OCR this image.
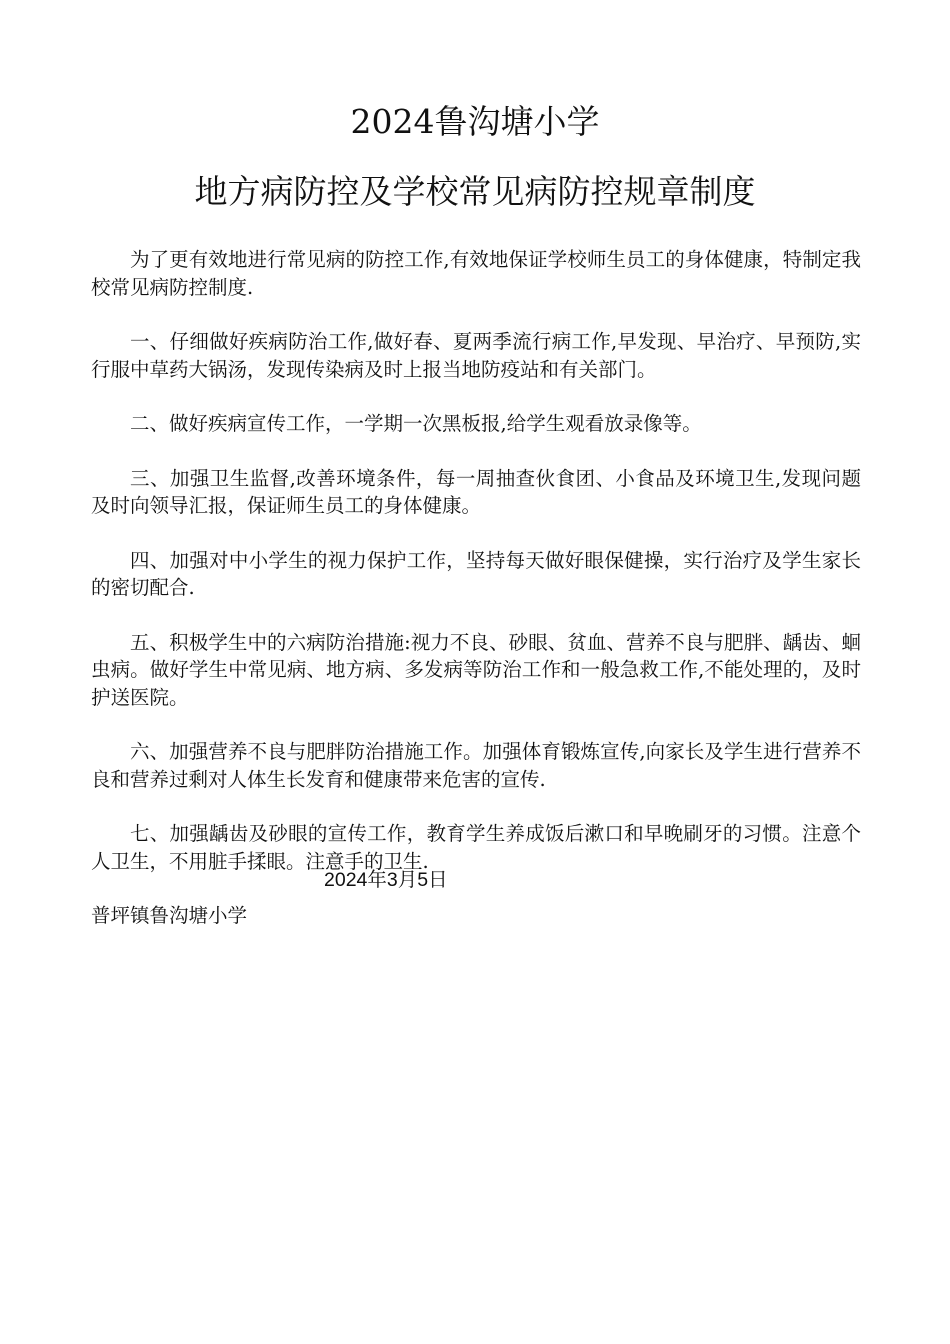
2024鲁沟塘小学
地方病防控及学校常见病防控规章制度

为了更有效地进行常见病的防控工作,有效地保证学校师生员工的身体健康，特制定我校常见病防控制度.

一、仔细做好疾病防治工作,做好春、夏两季流行病工作,早发现、早治疗、早预防,实行服中草药大锅汤，发现传染病及时上报当地防疫站和有关部门。

二、做好疾病宣传工作，一学期一次黑板报,给学生观看放录像等。

三、加强卫生监督,改善环境条件，每一周抽查伙食团、小食品及环境卫生,发现问题及时向领导汇报，保证师生员工的身体健康。

四、加强对中小学生的视力保护工作，坚持每天做好眼保健操，实行治疗及学生家长的密切配合.

五、积极学生中的六病防治措施:视力不良、砂眼、贫血、营养不良与肥胖、龋齿、蛔虫病。做好学生中常见病、地方病、多发病等防治工作和一般急救工作,不能处理的，及时护送医院。

六、加强营养不良与肥胖防治措施工作。加强体育锻炼宣传,向家长及学生进行营养不良和营养过剩对人体生长发育和健康带来危害的宣传.

七、加强龋齿及砂眼的宣传工作，教育学生养成饭后漱口和早晚刷牙的习惯。注意个人卫生，不用脏手揉眼。注意手的卫生.

普坪镇鲁沟塘小学

2024年3月5日
